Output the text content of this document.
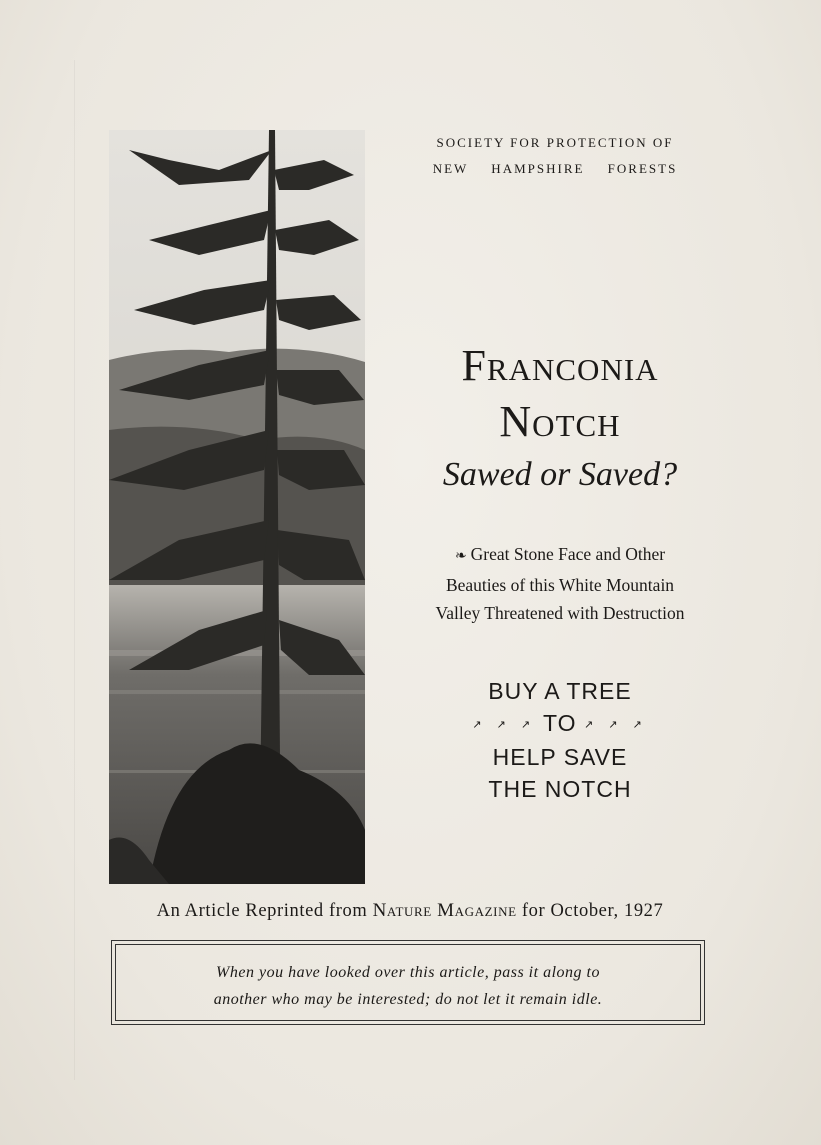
SOCIETY FOR PROTECTION OF
NEW HAMPSHIRE FORESTS
Franconia
Notch
Sawed or Saved?
❧ Great Stone Face and Other
Beauties of this White Mountain
Valley Threatened with Destruction
BUY A TREE
↗ ↗ ↗ TO ↗ ↗ ↗
HELP SAVE
THE NOTCH
An Article Reprinted from Nature Magazine for October, 1927
When you have looked over this article, pass it along to
another who may be interested; do not let it remain idle.
